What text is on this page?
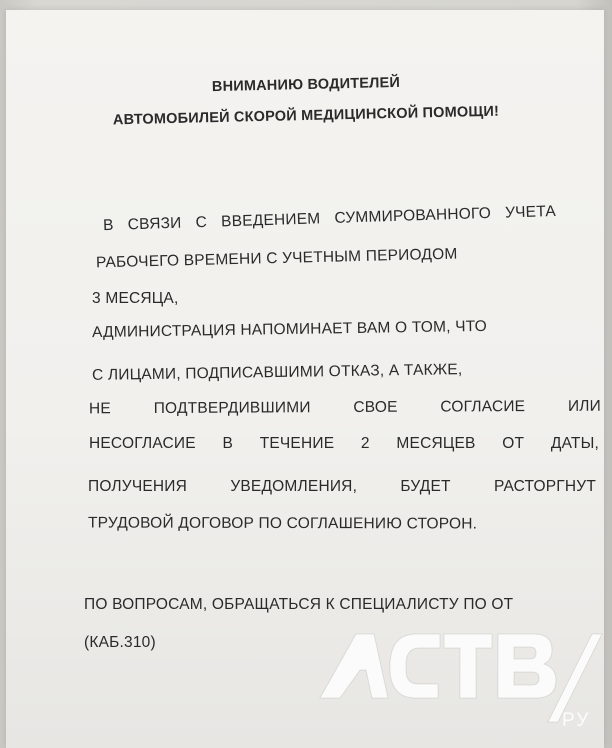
ВНИМАНИЮ ВОДИТЕЛЕЙ

АВТОМОБИЛЕЙ СКОРОЙ МЕДИЦИНСКОЙ ПОМОЩИ!

В СВЯЗИ С ВВЕДЕНИЕМ СУММИРОВАННОГО УЧЕТА

РАБОЧЕГО ВРЕМЕНИ С УЧЕТНЫМ ПЕРИОДОМ

3 МЕСЯЦА,

АДМИНИСТРАЦИЯ НАПОМИНАЕТ ВАМ О ТОМ, ЧТО

С ЛИЦАМИ, ПОДПИСАВШИМИ ОТКАЗ, А ТАКЖЕ,

НЕ ПОДТВЕРДИВШИМИ СВОЕ СОГЛАСИЕ ИЛИ

НЕСОГЛАСИЕ В ТЕЧЕНИЕ 2 МЕСЯЦЕВ ОТ ДАТЫ,

ПОЛУЧЕНИЯ УВЕДОМЛЕНИЯ, БУДЕТ РАСТОРГНУТ

ТРУДОВОЙ ДОГОВОР ПО СОГЛАШЕНИЮ СТОРОН.

ПО ВОПРОСАМ, ОБРАЩАТЬСЯ К СПЕЦИАЛИСТУ ПО ОТ

(КАБ.310)

РУ
